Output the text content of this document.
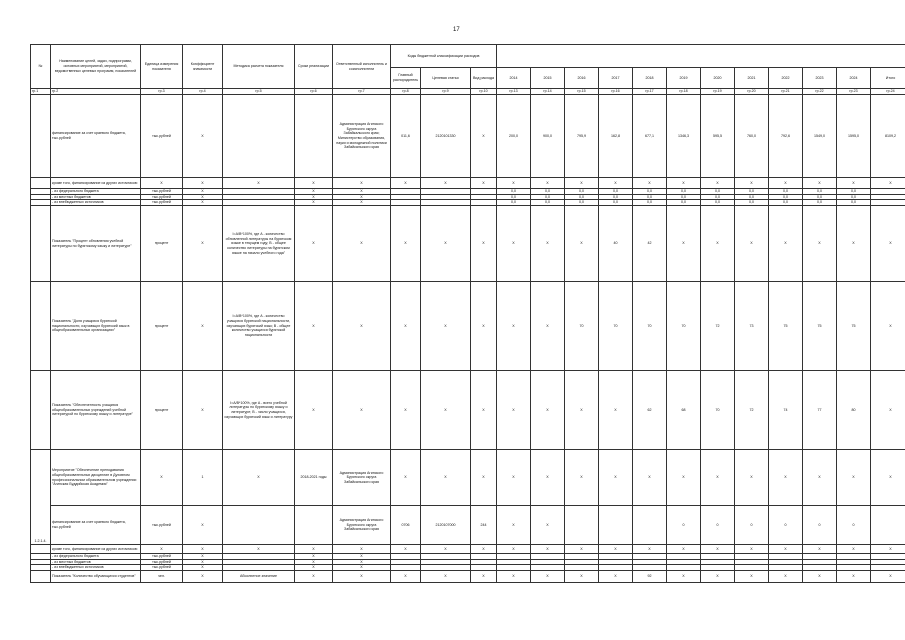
17
№	Наименование целей, задач, подпрограмм, основных мероприятий, мероприятий, ведомственных целевых программ, показателей	Единица измерения показателя	Коэффициент значимости	Методика расчета показателя	Сроки реализации	Ответственный исполнитель и соисполнители	Коды бюджетной классификации расходов														
							Главный распорядитель	Целевая статья	Вид расхода	2014	2015	2016	2017	2018	2019	2020	2021	2022	2023	2024	Итого
гр.1	гр.2	гр.3	гр.4	гр.5	гр.6	гр.7	гр.8	гр.9	гр.10	гр.13	гр.14	гр.15	гр.16	гр.17	гр.18	гр.19	гр.20	гр.21	гр.22	гр.23	гр.24
	финансирование за счет краевого бюджета, тыс.рублей	тыс.рублей	X			Администрация Агинского Бурятского округа Забайкальского края; Министерство образования, науки и молодежной политики Забайкальского края	011,6	2120101330	X	200,0	900,0	795,9	162,8	677,1	1346,3	595,5	760,0	792,6	1549,0	1595,0	8109,2
	кроме того, финансирование из других источников:	X	X	X	X	X	X	X	X	X	X	X	X	X	X	X	X	X	X	X	X
	- из федерального бюджета	тыс.рублей	X		X	X				0,0	0,0	0,0	0,0	0,0	0,0	0,0	0,0	0,0	0,0	0,0	
	- из местных бюджетов	тыс.рублей	X		X	X				0,0	0,0	0,0	0,0	0,0	0,0	0,0	0,0	0,0	0,0	0,0	
	- из внебюджетных источников	тыс.рублей	X		X	X				0,0	0,0	0,0	0,0	0,0	0,0	0,0	0,0	0,0	0,0	0,0	
	Показатель "Процент обновления учебной литературы по бурятскому языку и литературе"	процент	X	I=A/B*100%, где A - количество обновленной литературы на бурятском языке в текущем году; B - общее количество литературы на бурятском языке на начало учебного года"	X	X	X	X	X	X	X	X	40	42	X	X	X	X	X	X	X
	Показатель "Доля учащихся бурятской национальности, изучающих бурятский язык в общеобразовательных организациях"	процент	X	I=A/B*100%, где A - количество учащихся бурятской национальности, изучающих бурятский язык; B - общее количество учащихся бурятской национальности	X	X	X	X	X	X	X	70	70	70	70	72	73	75	75	75	X
	Показатель "Обеспеченность учащихся общеобразовательных учреждений учебной литературой по бурятскому языку и литературе"	процент	X	I=A/B*100%, где A - всего учебной литературы по бурятскому языку и литературе; B - число учащихся, изучающих бурятский язык и литературу	X	X	X	X	X	X	X	X	X	62	68	70	72	74	77	80	X
1.2.1.4.	Мероприятие "Обеспечение преподавания общеобразовательных дисциплин в Духовном профессиональном образовательном учреждении "Агинская Буддийская Академия"	X	1	X	2018-2021 годы	Администрация Агинского Бурятского округа Забайкальского края	X	X	X	X	X	X	X	X	X	X	X	X	X	X	X
	финансирование за счет краевого бюджета, тыс.рублей	тыс.рублей	X			Администрация Агинского Бурятского округа Забайкальского края	0706	2120107000	244	X	X				0	0	0	0	0	0	
	кроме того, финансирование из других источников:	X	X	X	X	X	X	X	X	X	X	X	X	X	X	X	X	X	X	X	X
	- из федерального бюджета	тыс.рублей	X		X	X															
	- из местных бюджетов	тыс.рублей	X		X	X															
	- из внебюджетных источников	тыс.рублей	X		X	X															
	Показатель "Количество обучающихся студентов"	чел.	X	Абсолютное значение	X	X	X	X	X	X	X	X	X	92	X	X	X	X	X	X	X
